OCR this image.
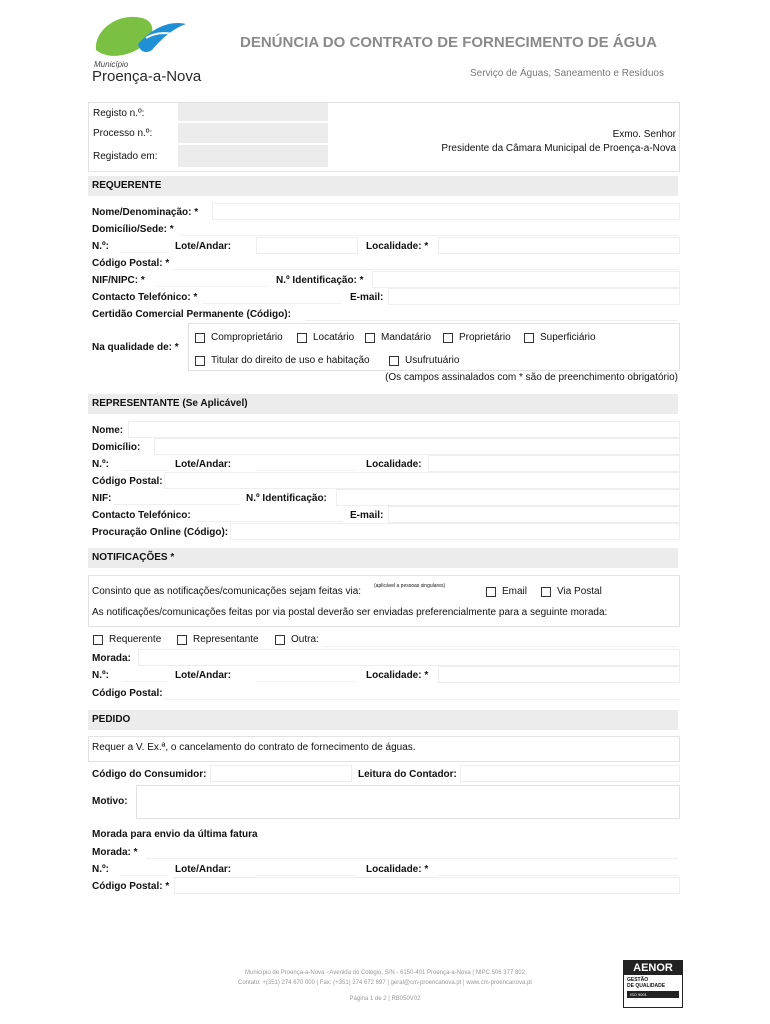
Município
Proença-a-Nova
DENÚNCIA DO CONTRATO DE FORNECIMENTO DE ÁGUA
Serviço de Águas, Saneamento e Resíduos
Registo n.º:
Processo n.º:
Registado em:
Exmo. Senhor
Presidente da Câmara Municipal de Proença-a-Nova
REQUERENTE
Nome/Denominação: *
Domicílio/Sede: *
N.º:	Lote/Andar:	Localidade: *
Código Postal: *
NIF/NIPC: *	N.º Identificação: *
Contacto Telefónico: *	E-mail:
Certidão Comercial Permanente (Código):
Na qualidade de: *
Comproprietário	Locatário	Mandatário	Proprietário	Superficiário
Titular do direito de uso e habitação	Usufrutuário
(Os campos assinalados com * são de preenchimento obrigatório)
REPRESENTANTE (Se Aplicável)
Nome:
Domicílio:
N.º:	Lote/Andar:	Localidade:
Código Postal:
NIF:	N.º Identificação:
Contacto Telefónico:	E-mail:
Procuração Online (Código):
NOTIFICAÇÕES *
Consinto que as notificações/comunicações sejam feitas via:	(aplicável a pessoas singulares)	Email	Via Postal
As notificações/comunicações feitas por via postal deverão ser enviadas preferencialmente para a seguinte morada:
Requerente	Representante	Outra:
Morada:
N.º:	Lote/Andar:	Localidade: *
Código Postal:
PEDIDO
Requer a V. Ex.ª, o cancelamento do contrato de fornecimento de águas.
Código do Consumidor:	Leitura do Contador:
Motivo:
Morada para envio da última fatura
Morada: *
N.º:	Lote/Andar:	Localidade: *
Código Postal: *
Município de Proença-a-Nova - Avenida do Colégio, S/N - 6150-401 Proença-a-Nova | NIPC 506 377 802
Contato: +(351) 274 670 000 | Fax: (+351) 274 672 697 | geral@cm-proencanova.pt | www.cm-proencanova.pt
Página 1 de 2 | RB050V02
AENOR
GESTÃO
DE QUALIDADE
ISO 9001
